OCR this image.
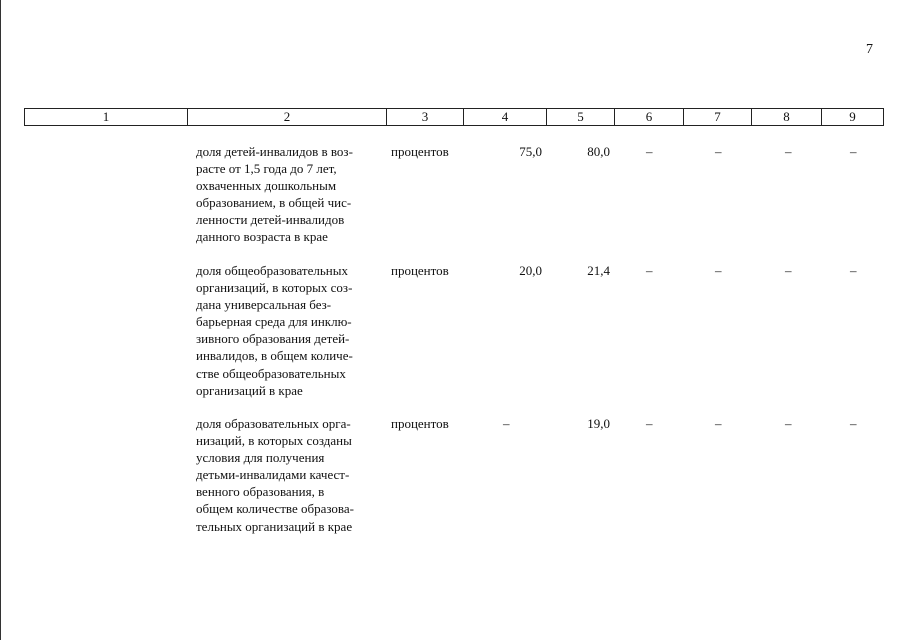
7
1	2	3	4	5	6	7	8	9
доля детей-инвалидов в воз-
расте от 1,5 года до 7 лет,
охваченных дошкольным
образованием, в общей чис-
ленности детей-инвалидов
данного возраста в крае
процентов	75,0	80,0	–	–	–	–
доля общеобразовательных
организаций, в которых соз-
дана универсальная без-
барьерная среда для инклю-
зивного образования детей-
инвалидов, в общем количе-
стве общеобразовательных
организаций в крае
процентов	20,0	21,4	–	–	–	–
доля образовательных орга-
низаций, в которых созданы
условия для получения
детьми-инвалидами качест-
венного образования, в
общем количестве образова-
тельных организаций в крае
процентов	–	19,0	–	–	–	–
